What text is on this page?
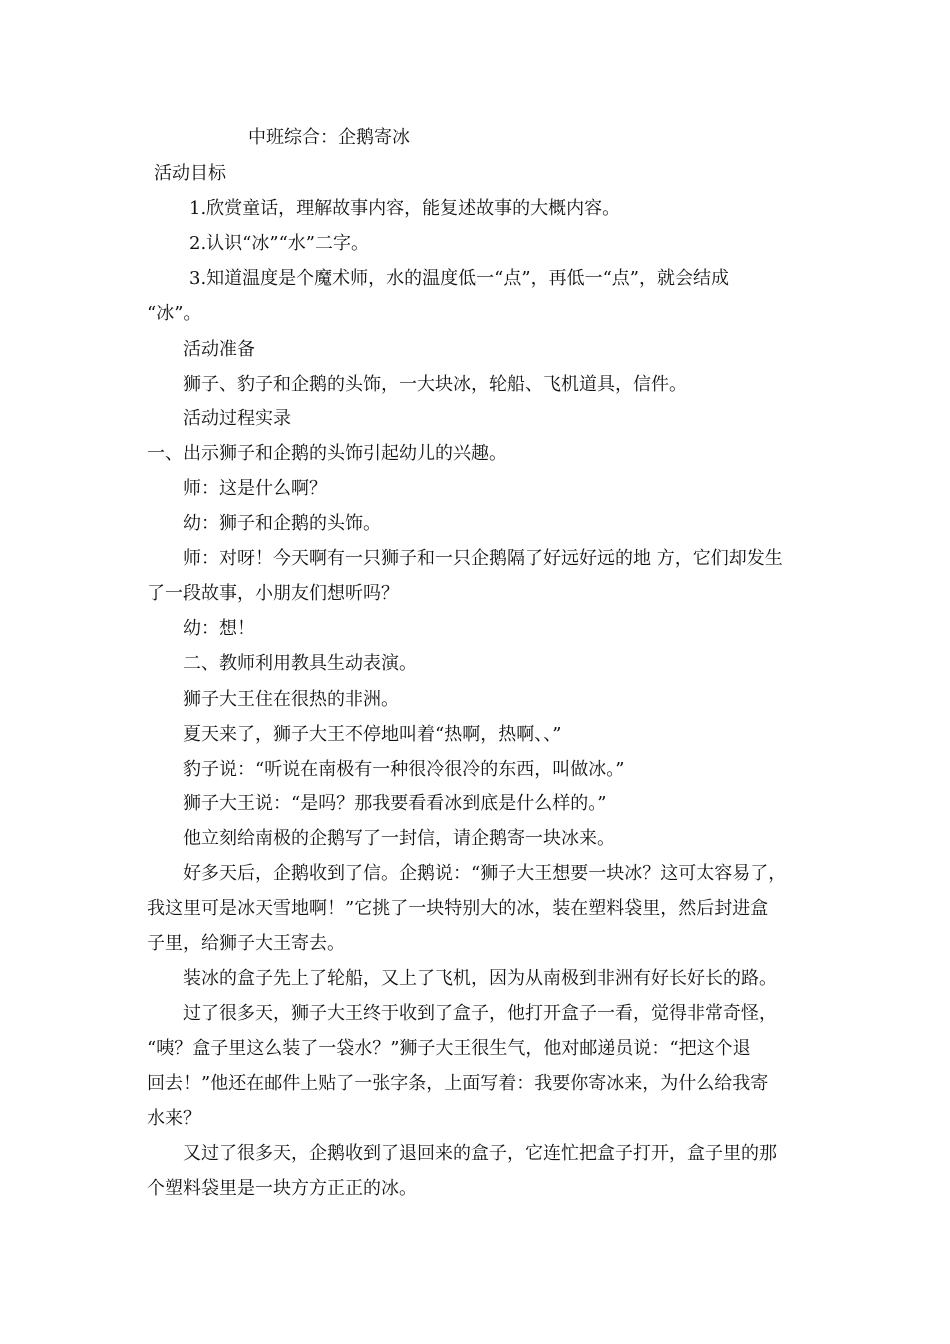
中班综合：企鹅寄冰
活动目标
1.欣赏童话，理解故事内容，能复述故事的大概内容。
2.认识“冰”“水”二字。
3.知道温度是个魔术师，水的温度低一“点”，再低一“点”，就会结成
“冰”。
活动准备
狮子、豹子和企鹅的头饰，一大块冰，轮船、飞机道具，信件。
活动过程实录
一、出示狮子和企鹅的头饰引起幼儿的兴趣。
师：这是什么啊？
幼：狮子和企鹅的头饰。
师：对呀！今天啊有一只狮子和一只企鹅隔了好远好远的地 方，它们却发生
了一段故事，小朋友们想听吗？
幼：想！
二、教师利用教具生动表演。
狮子大王住在很热的非洲。
夏天来了，狮子大王不停地叫着“热啊，热啊、、”
豹子说：“听说在南极有一种很冷很冷的东西，叫做冰。”
狮子大王说：“是吗？那我要看看冰到底是什么样的。”
他立刻给南极的企鹅写了一封信，请企鹅寄一块冰来。
好多天后，企鹅收到了信。企鹅说：“狮子大王想要一块冰？这可太容易了，
我这里可是冰天雪地啊！”它挑了一块特别大的冰，装在塑料袋里，然后封进盒
子里，给狮子大王寄去。
装冰的盒子先上了轮船，又上了飞机，因为从南极到非洲有好长好长的路。
过了很多天，狮子大王终于收到了盒子，他打开盒子一看，觉得非常奇怪，
“咦？盒子里这么装了一袋水？”狮子大王很生气，他对邮递员说：“把这个退
回去！”他还在邮件上贴了一张字条，上面写着：我要你寄冰来，为什么给我寄
水来？
又过了很多天，企鹅收到了退回来的盒子，它连忙把盒子打开，盒子里的那
个塑料袋里是一块方方正正的冰。
